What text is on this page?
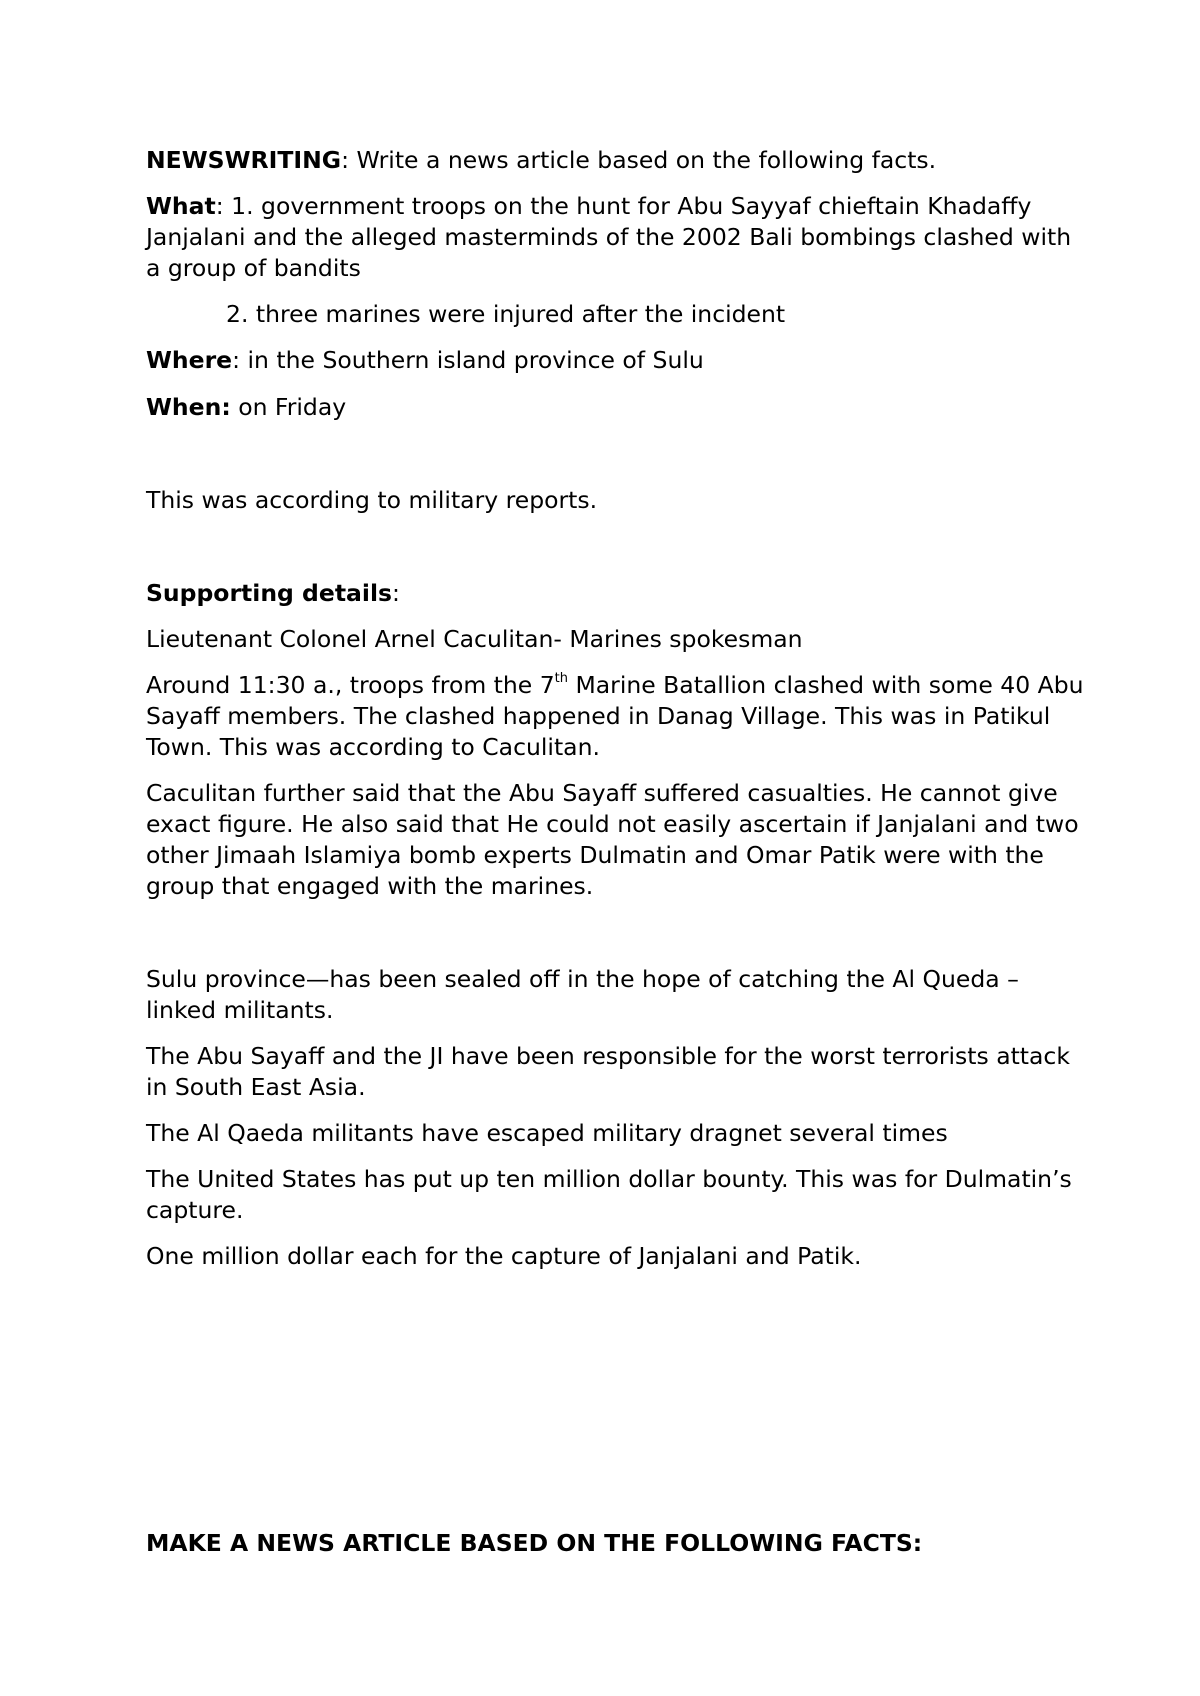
NEWSWRITING: Write a news article based on the following facts.

What: 1. government troops on the hunt for Abu Sayyaf chieftain Khadaffy Janjalani and the alleged masterminds of the 2002 Bali bombings clashed with a group of bandits

2. three marines were injured after the incident

Where: in the Southern island province of Sulu

When: on Friday

This was according to military reports.

Supporting details:

Lieutenant Colonel Arnel Caculitan- Marines spokesman

Around 11:30 a., troops from the 7th Marine Batallion clashed with some 40 Abu Sayaff members. The clashed happened in Danag Village. This was in Patikul Town. This was according to Caculitan.

Caculitan further said that the Abu Sayaff suffered casualties. He cannot give exact figure. He also said that He could not easily ascertain if Janjalani and two other Jimaah Islamiya bomb experts Dulmatin and Omar Patik were with the group that engaged with the marines.

Sulu province—has been sealed off in the hope of catching the Al Queda –linked militants.

The Abu Sayaff and the JI have been responsible for the worst terrorists attack in South East Asia.

The Al Qaeda militants have escaped military dragnet several times

The United States has put up ten million dollar bounty. This was for Dulmatin’s capture.

One million dollar each for the capture of Janjalani and Patik.

MAKE A NEWS ARTICLE BASED ON THE FOLLOWING FACTS:
